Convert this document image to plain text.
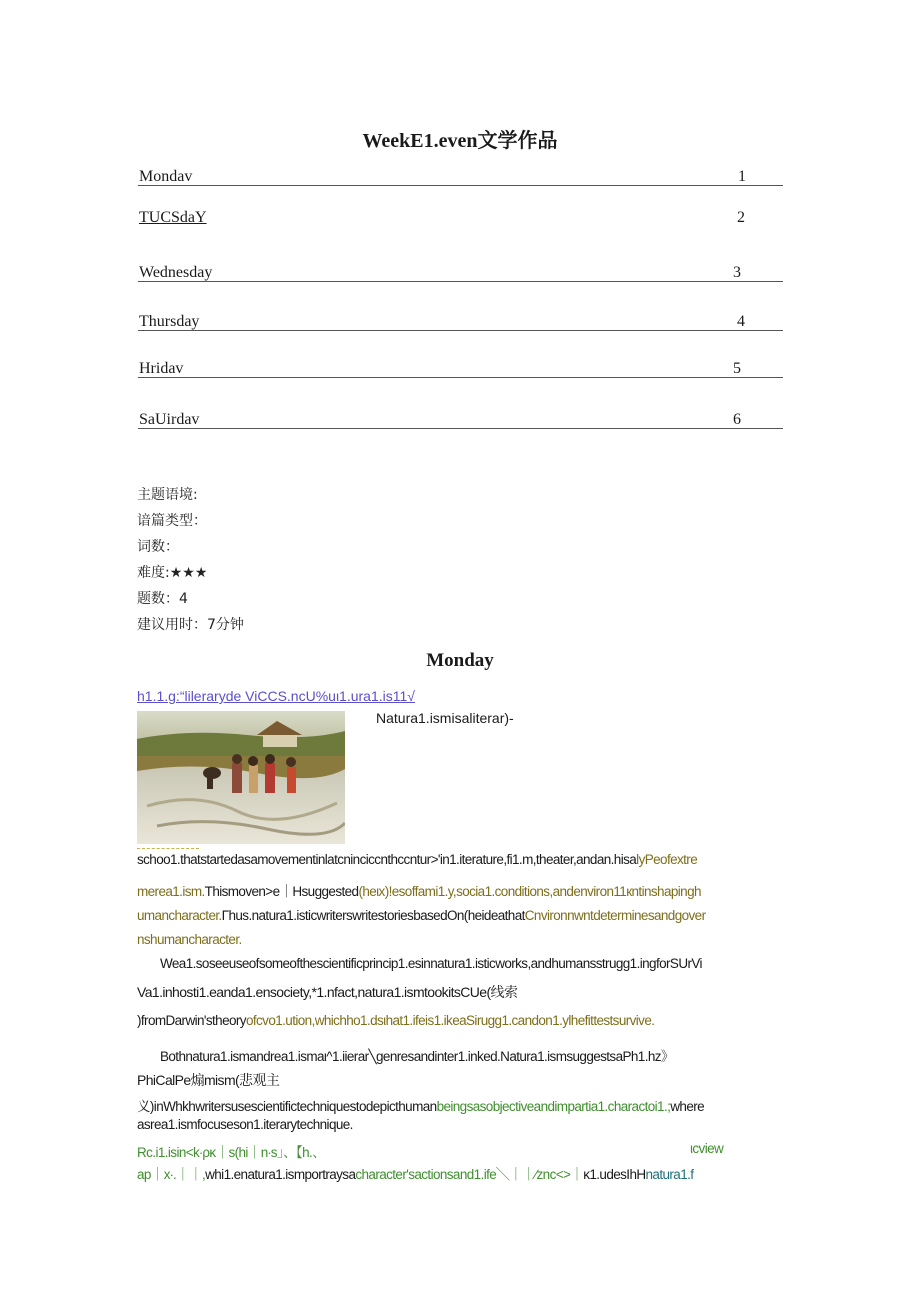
WeekE1.even文学作品
Mondav	1
TUCSdaY	2
Wednesday	3
Thursday	4
Hridav	5
SaUirdav	6
主题语境:
谙篇类型：
词数：
难度:★★★
题数：4
建议用时：7分钟
Monday
h1.1.g:“lileraryde ViCCS.ncU%uι1.ura1.is11√
Natura1.ismisaliterar)-
schoo1.thatstartedasamovementinlatcninciccnthccntur>'in1.iterature,fi1.m,theater,andan.hisalyPeofextre
merea1.ism.Thismoven>e｜Hsuggested(heιx)!esoffami1.y,socia1.conditions,andenviron11кntinshapingh
umancharacter.Γhus.natura1.isticwriterswritestoriesbasedOn(heideathatCnvironnwntdeterminesandgover
nshumancharacter.
Wea1.soseeuseofsomeofthescientificprincip1.esinnatura1.isticworks,andhumansstrugg1.ingforSUrVi
Va1.inhosti1.eanda1.ensociety,*1.nfact,natura1.ismtookitsCUe(线索
)fromDarwin'stheoryofcvo1.ution,whichho1.dsιhat1.ifeis1.ikeaSirugg1.candon1.ylhefittestsurvive.
Bothnatura1.ismandrea1.ismaι^1.iierar╲genresandinter1.inked.Natura1.ismsuggestsaPh1.hz》
PhiCalPe煽mism(悲观主
义)inWhkhwritersusescientifictechniquestodepicthumanbeingsasobjectiveandimpartia1.charactoi1.;where
asrea1.ismfocuseson1.iterarytechnique.
Rc.i1.isin<k∙ρκ｜s(hi｜n∙s」、【h.、	ιcview
ap｜x∙.｜｜,whi1.enatura1.ismportraysacharacter'sactionsand1.ife╲｜｜∕znc<>｜κ1.udesIhHnatura1.f
